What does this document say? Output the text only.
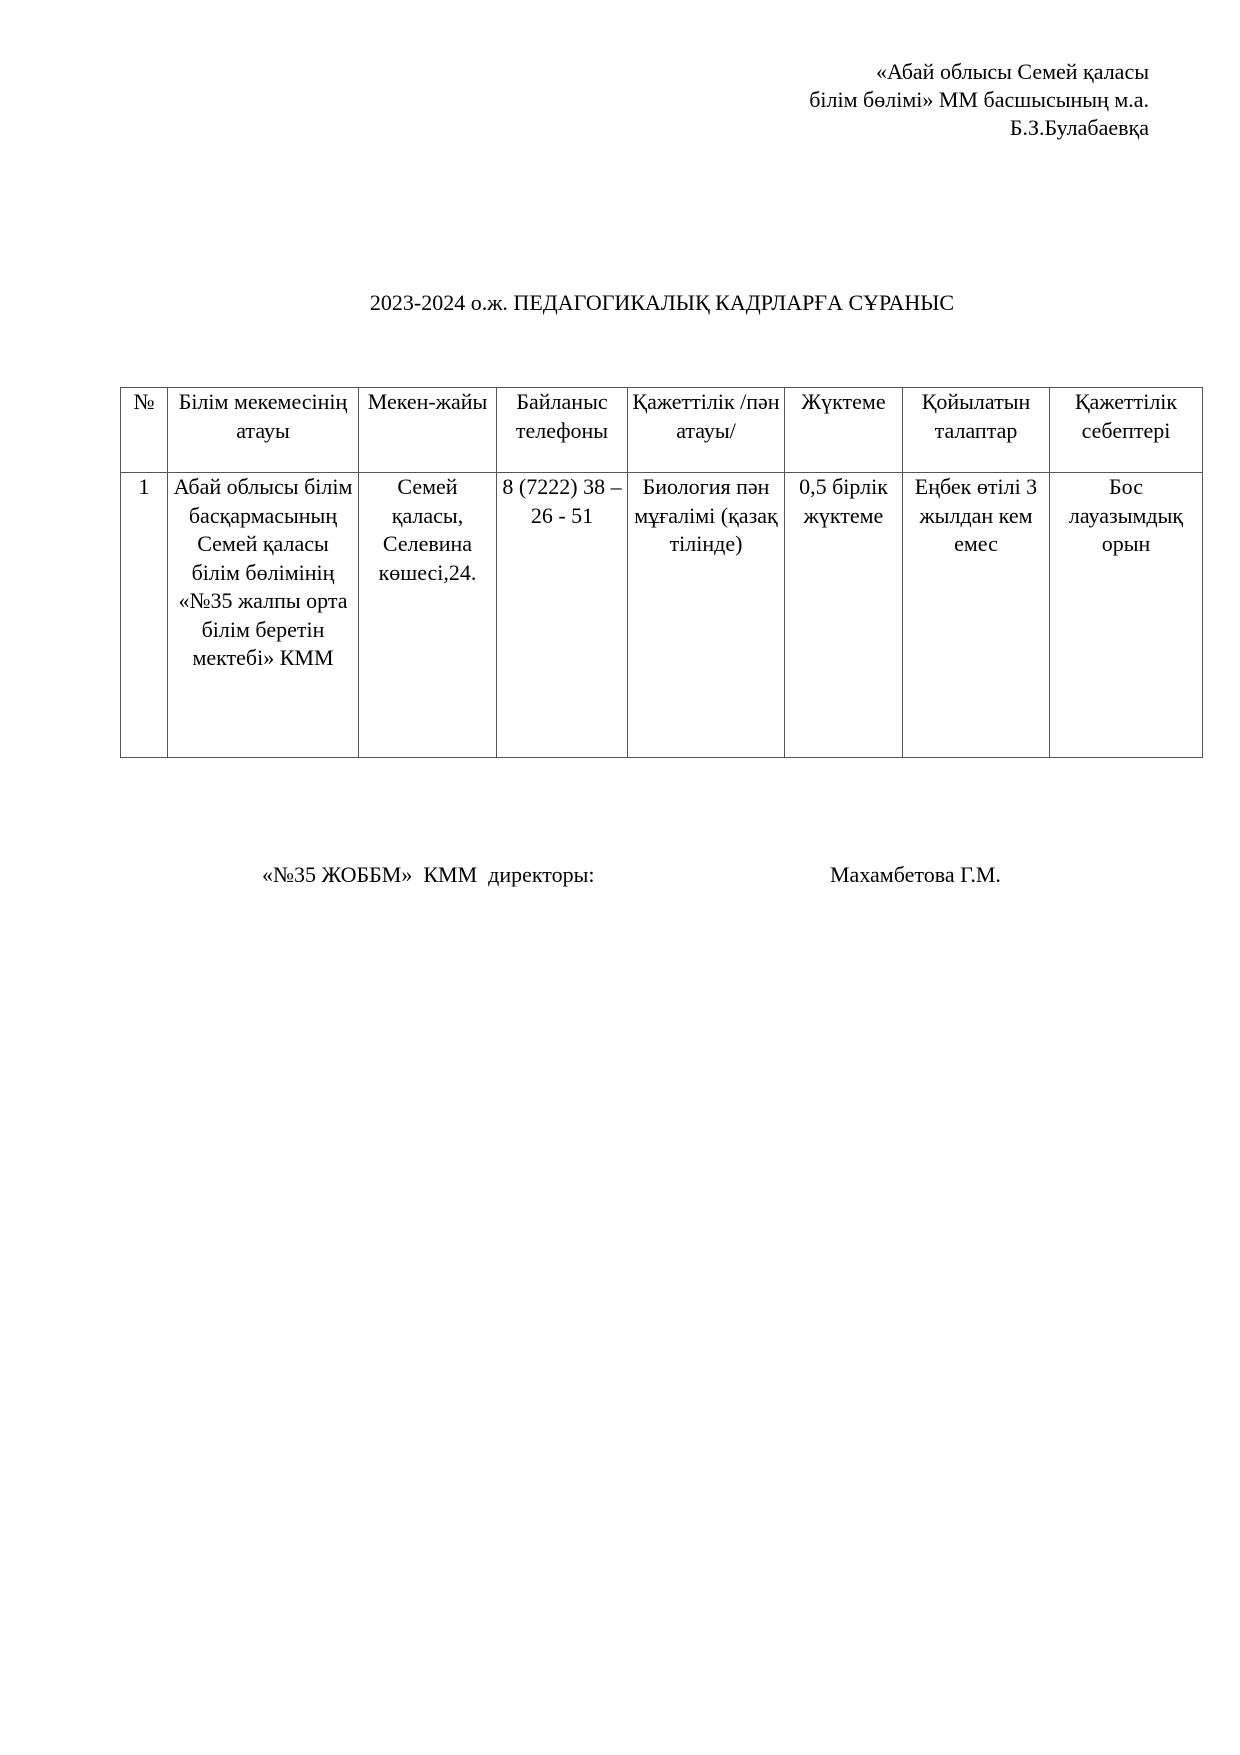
«Абай облысы Семей қаласы
білім бөлімі» ММ басшысының м.а.
Б.З.Булабаевқа
2023-2024 о.ж. ПЕДАГОГИКАЛЫҚ КАДРЛАРҒА СҰРАНЫС
№	Білім мекемесінің атауы	Мекен-жайы	Байланыс телефоны	Қажеттілік /пән атауы/	Жүктеме	Қойылатын талаптар	Қажеттілік себептері
1	Абай облысы білім басқармасының Семей қаласы білім бөлімінің «№35 жалпы орта білім беретін мектебі» КММ	Семей қаласы, Селевина көшесі,24.	8 (7222) 38 – 26 - 51	Биология пән мұғалімі (қазақ тілінде)	0,5 бірлік жүктеме	Еңбек өтілі 3 жылдан кем емес	Бос лауазымдық орын
«№35 ЖОББМ»  КММ  директоры:	Махамбетова Г.М.
